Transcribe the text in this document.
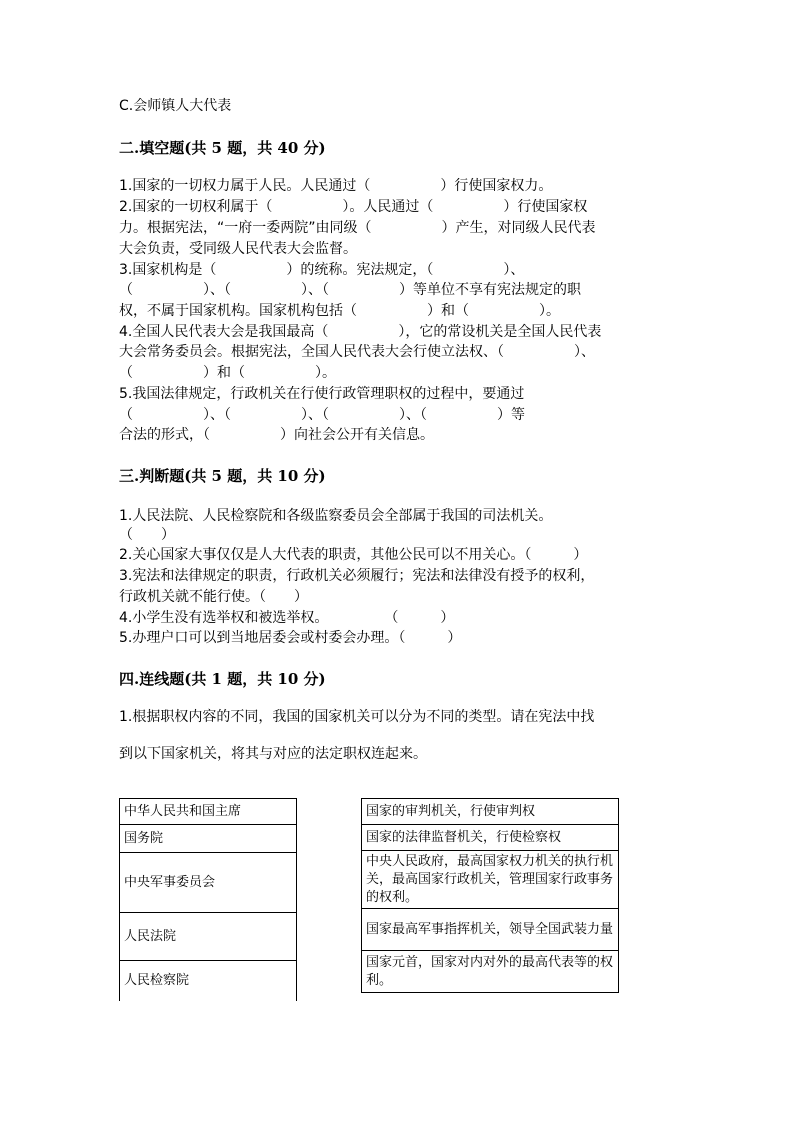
C.会师镇人大代表
二.填空题(共 5 题，共 40 分)
1.国家的一切权力属于人民。人民通过（　　　　　）行使国家权力。
2.国家的一切权利属于（　　　　　）。人民通过（　　　　　）行使国家权
力。根据宪法，“一府一委两院”由同级（　　　　　）产生，对同级人民代表
大会负责，受同级人民代表大会监督。
3.国家机构是（　　　　　）的统称。宪法规定，（　　　　　）、
（　　　　　）、（　　　　　）、（　　　　　）等单位不享有宪法规定的职
权，不属于国家机构。国家机构包括（　　　　　）和（　　　　　）。
4.全国人民代表大会是我国最高（　　　　　），它的常设机关是全国人民代表
大会常务委员会。根据宪法，全国人民代表大会行使立法权、（　　　　　）、
（　　　　　）和（　　　　　）。
5.我国法律规定，行政机关在行使行政管理职权的过程中，要通过
（　　　　　）、（　　　　　）、（　　　　　）、（　　　　　）等
合法的形式，（　　　　　）向社会公开有关信息。
三.判断题(共 5 题，共 10 分)
1.人民法院、人民检察院和各级监察委员会全部属于我国的司法机关。
（　　）
2.关心国家大事仅仅是人大代表的职责，其他公民可以不用关心。（　　　）
3.宪法和法律规定的职责，行政机关必须履行；宪法和法律没有授予的权利，
行政机关就不能行使。（　　）
4.小学生没有选举权和被选举权。　　　　　（　　　）
5.办理户口可以到当地居委会或村委会办理。（　　　）
四.连线题(共 1 题，共 10 分)
1.根据职权内容的不同，我国的国家机关可以分为不同的类型。请在宪法中找
到以下国家机关，将其与对应的法定职权连起来。
中华人民共和国主席
国务院
中央军事委员会
人民法院
人民检察院
国家的审判机关，行使审判权
国家的法律监督机关，行使检察权
中央人民政府，最高国家权力机关的执行机关，最高国家行政机关，管理国家行政事务的权利。
国家最高军事指挥机关，领导全国武装力量
国家元首，国家对内对外的最高代表等的权利。
